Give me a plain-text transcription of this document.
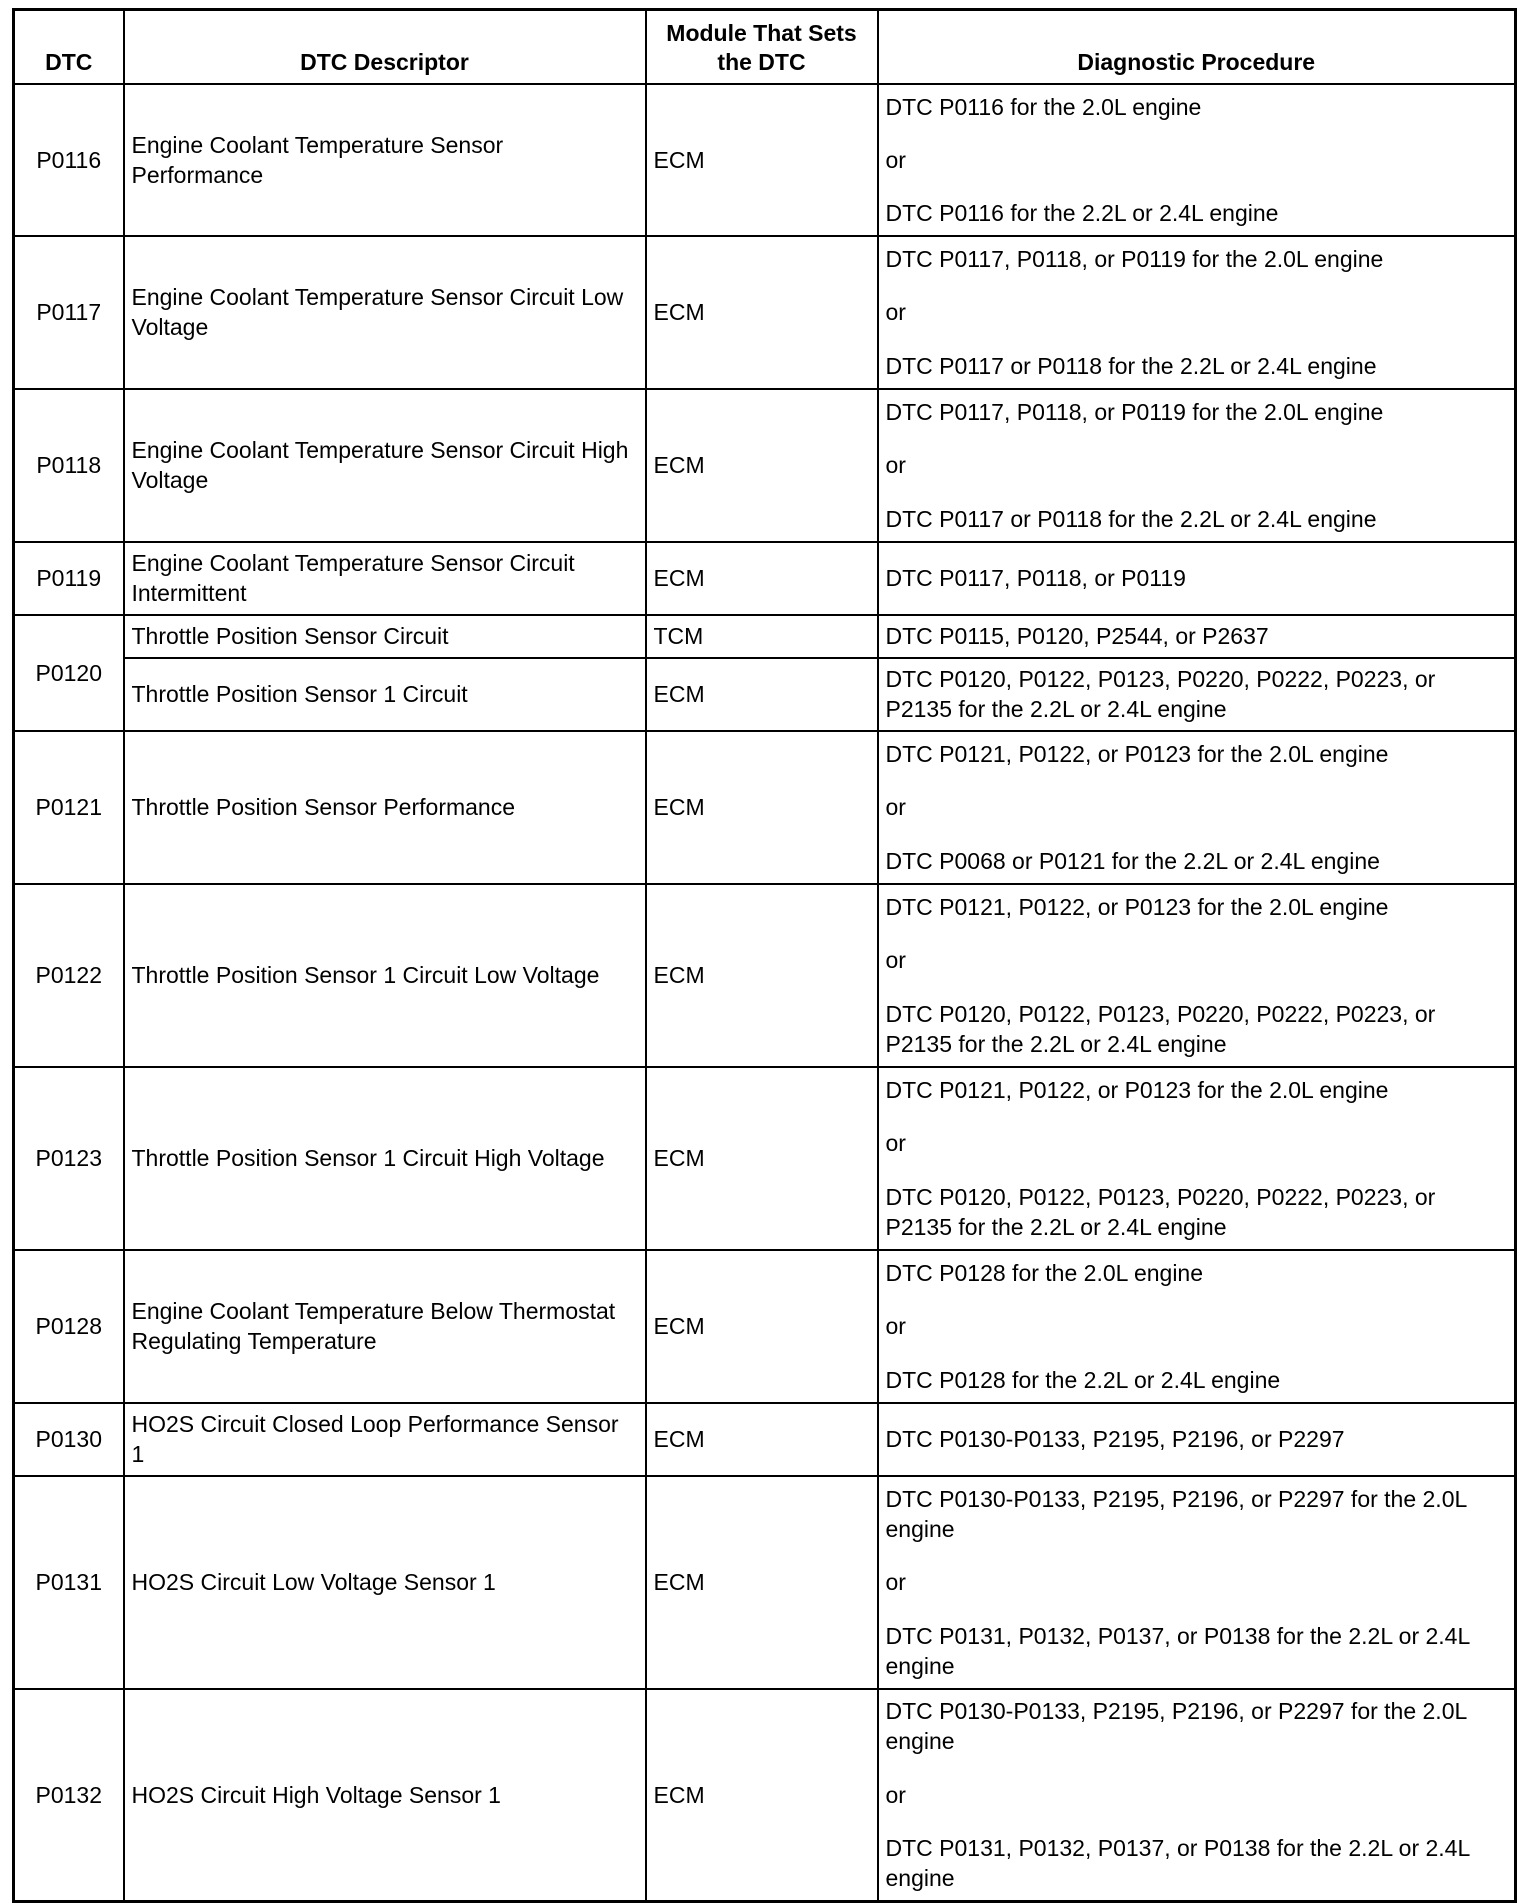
DTC	DTC Descriptor	Module That Sets the DTC	Diagnostic Procedure
P0116	Engine Coolant Temperature Sensor Performance	ECM	DTC P0116 for the 2.0L engine
or
DTC P0116 for the 2.2L or 2.4L engine

P0117	Engine Coolant Temperature Sensor Circuit Low Voltage	ECM	DTC P0117, P0118, or P0119 for the 2.0L engine
or
DTC P0117 or P0118 for the 2.2L or 2.4L engine

P0118	Engine Coolant Temperature Sensor Circuit High Voltage	ECM	DTC P0117, P0118, or P0119 for the 2.0L engine
or
DTC P0117 or P0118 for the 2.2L or 2.4L engine

P0119	Engine Coolant Temperature Sensor Circuit Intermittent	ECM	DTC P0117, P0118, or P0119

P0120	Throttle Position Sensor Circuit	TCM	DTC P0115, P0120, P2544, or P2637

	Throttle Position Sensor 1 Circuit	ECM	DTC P0120, P0122, P0123, P0220, P0222, P0223, or P2135 for the 2.2L or 2.4L engine

P0121	Throttle Position Sensor Performance	ECM	DTC P0121, P0122, or P0123 for the 2.0L engine
or
DTC P0068 or P0121 for the 2.2L or 2.4L engine

P0122	Throttle Position Sensor 1 Circuit Low Voltage	ECM	DTC P0121, P0122, or P0123 for the 2.0L engine
or
DTC P0120, P0122, P0123, P0220, P0222, P0223, or P2135 for the 2.2L or 2.4L engine

P0123	Throttle Position Sensor 1 Circuit High Voltage	ECM	DTC P0121, P0122, or P0123 for the 2.0L engine
or
DTC P0120, P0122, P0123, P0220, P0222, P0223, or P2135 for the 2.2L or 2.4L engine

P0128	Engine Coolant Temperature Below Thermostat Regulating Temperature	ECM	DTC P0128 for the 2.0L engine
or
DTC P0128 for the 2.2L or 2.4L engine

P0130	HO2S Circuit Closed Loop Performance Sensor 1	ECM	DTC P0130-P0133, P2195, P2196, or P2297

P0131	HO2S Circuit Low Voltage Sensor 1	ECM	DTC P0130-P0133, P2195, P2196, or P2297 for the 2.0L engine
or
DTC P0131, P0132, P0137, or P0138 for the 2.2L or 2.4L engine

P0132	HO2S Circuit High Voltage Sensor 1	ECM	DTC P0130-P0133, P2195, P2196, or P2297 for the 2.0L engine
or
DTC P0131, P0132, P0137, or P0138 for the 2.2L or 2.4L engine
